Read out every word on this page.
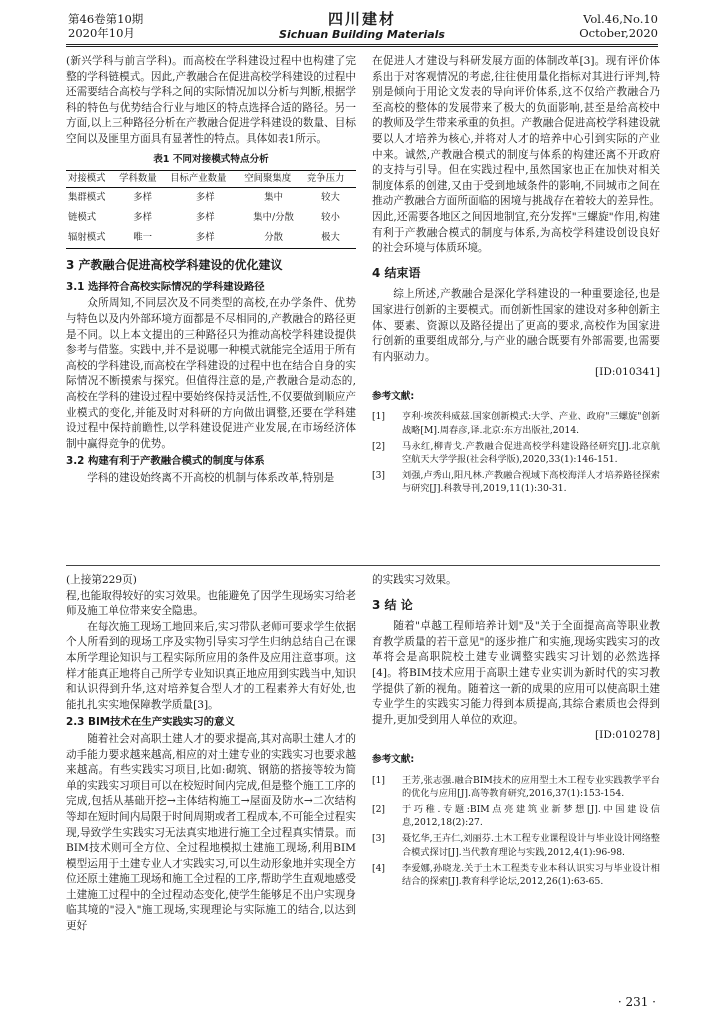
第46卷第10期
2020年10月
四川建材
Sichuan Building Materials
Vol.46,No.10
October,2020

(新兴学科与前言学科)。而高校在学科建设过程中也构建了完整的学科链模式。因此,产教融合在促进高校学科建设的过程中还需要结合高校与学科之间的实际情况加以分析与判断,根据学科的特色与优势结合行业与地区的特点选择合适的路径。另一方面,以上三种路径分析在产教融合促进学科建设的数量、目标空间以及匪里方面具有显著性的特点。具体如表1所示。

表1 不同对接模式特点分析
对接模式	学科数量	目标产业数量	空间聚集度	竞争压力
集群模式	多样	多样	集中	较大
链模式	多样	多样	集中/分散	较小
辐射模式	唯一	多样	分散	极大
3 产教融合促进高校学科建设的优化建议
3.1 选择符合高校实际情况的学科建设路径

众所周知,不同层次及不同类型的高校,在办学条件、优势与特色以及内外部环境方面都是不尽相同的,产教融合的路径更是不同。以上本文提出的三种路径只为推动高校学科建设提供参考与借鉴。实践中,并不是说哪一种模式就能完全适用于所有高校的学科建设,而高校在学科建设的过程中也在结合自身的实际情况不断摸索与探究。但值得注意的是,产教融合是动态的,高校在学科的建设过程中要始终保持灵活性,不仅要做到顺应产业模式的变化,并能及时对科研的方向做出调整,还要在学科建设过程中保持前瞻性,以学科建设促进产业发展,在市场经济体制中赢得竞争的优势。

3.2 构建有利于产教融合模式的制度与体系

学科的建设始终离不开高校的机制与体系改革,特别是

在促进人才建设与科研发展方面的体制改革[3]。现有评价体系出于对客观情况的考虑,往往使用量化指标对其进行评判,特别是倾向于用论文发表的导向评价体系,这不仅给产教融合乃至高校的整体的发展带来了极大的负面影响,甚至是给高校中的教师及学生带来承重的负担。产教融合促进高校学科建设就要以人才培养为核心,并将对人才的培养中心引到实际的产业中来。诚然,产教融合模式的制度与体系的构建还离不开政府的支持与引导。但在实践过程中,虽然国家也正在加快对相关制度体系的创建,又由于受到地域条件的影响,不同城市之间在推动产教融合方面所面临的困境与挑战存在着较大的差异性。因此,还需要各地区之间因地制宜,充分发挥"三螺旋"作用,构建有利于产教融合模式的制度与体系,为高校学科建设创设良好的社会环境与体质环境。

4 结束语

综上所述,产教融合是深化学科建设的一种重要途径,也是国家进行创新的主要模式。而创新性国家的建设对多种创新主体、要素、资源以及路径提出了更高的要求,高校作为国家进行创新的重要组成部分,与产业的融合既要有外部需要,也需要有内驱动力。

[ID:010341]
参考文献:
[1]	亨利·埃茨科威兹.国家创新模式:大学、产业、政府"三螺旋"创新战略[M].周春彦,译.北京:东方出版社,2014.
[2]	马永红,柳青戈.产教融合促进高校学科建设路径研究[J].北京航空航天大学学报(社会科学版),2020,33(1):146-151.
[3]	刘强,卢秀山,阳凡林.产教融合视域下高校海洋人才培养路径探索与研究[J].科教导刊,2019,11(1):30-31.
(上接第229页)

程,也能取得较好的实习效果。也能避免了因学生现场实习给老师及施工单位带来安全隐患。

在每次施工现场工地回来后,实习带队老师可要求学生依据个人所看到的现场工序及实物引导实习学生归纳总结自己在课本所学理论知识与工程实际所应用的条件及应用注意事项。这样才能真正地将自己所学专业知识真正地应用到实践当中,知识和认识得到升华,这对培养复合型人才的工程素养大有好处,也能扎扎实实地保障教学质量[3]。

2.3 BIM技术在生产实践实习的意义

随着社会对高职土建人才的要求提高,其对高职土建人才的动手能力要求越来越高,相应的对土建专业的实践实习也要求越来越高。有些实践实习项目,比如:砌筑、钢筋的搭接等较为简单的实践实习项目可以在校短时间内完成,但是整个施工工序的完成,包括从基础开挖→主体结构施工→屋面及防水→二次结构等却在短时间内局限于时间周期或者工程成本,不可能全过程实现,导致学生实践实习无法真实地进行施工全过程真实情景。而BIM技术则可全方位、全过程地模拟土建施工现场,利用BIM模型运用于土建专业人才实践实习,可以生动形象地并实现全方位还原土建施工现场和施工全过程的工序,帮助学生直观地感受土建施工过程中的全过程动态变化,使学生能够足不出户实现身临其境的"浸入"施工现场,实现理论与实际施工的结合,以达到更好

的实践实习效果。

3 结 论

随着"卓越工程师培养计划"及"关于全面提高高等职业教育教学质量的若干意见"的逐步推广和实施,现场实践实习的改革将会是高职院校土建专业调整实践实习计划的必然选择[4]。将BIM技术应用于高职土建专业实训为新时代的实习教学提供了新的视角。随着这一新的成果的应用可以使高职土建专业学生的实践实习能力得到本质提高,其综合素质也会得到提升,更加受到用人单位的欢迎。

[ID:010278]
参考文献:
[1]	王芳,张志强.融合BIM技术的应用型土木工程专业实践教学平台的优化与应用[J].高等教育研究,2016,37(1):153-154.
[2]	于巧稚.专题:BIM点亮建筑业新梦想[J].中国建设信息,2012,18(2):27.
[3]	聂忆华,王卉仁,刘丽芬.土木工程专业课程设计与毕业设计网络整合模式探讨[J].当代教育理论与实践,2012,4(1):96-98.
[4]	李爱娜,孙晓龙.关于土木工程类专业本科认识实习与毕业设计相结合的探索[J].教育科学论坛,2012,26(1):63-65.
· 231 ·
